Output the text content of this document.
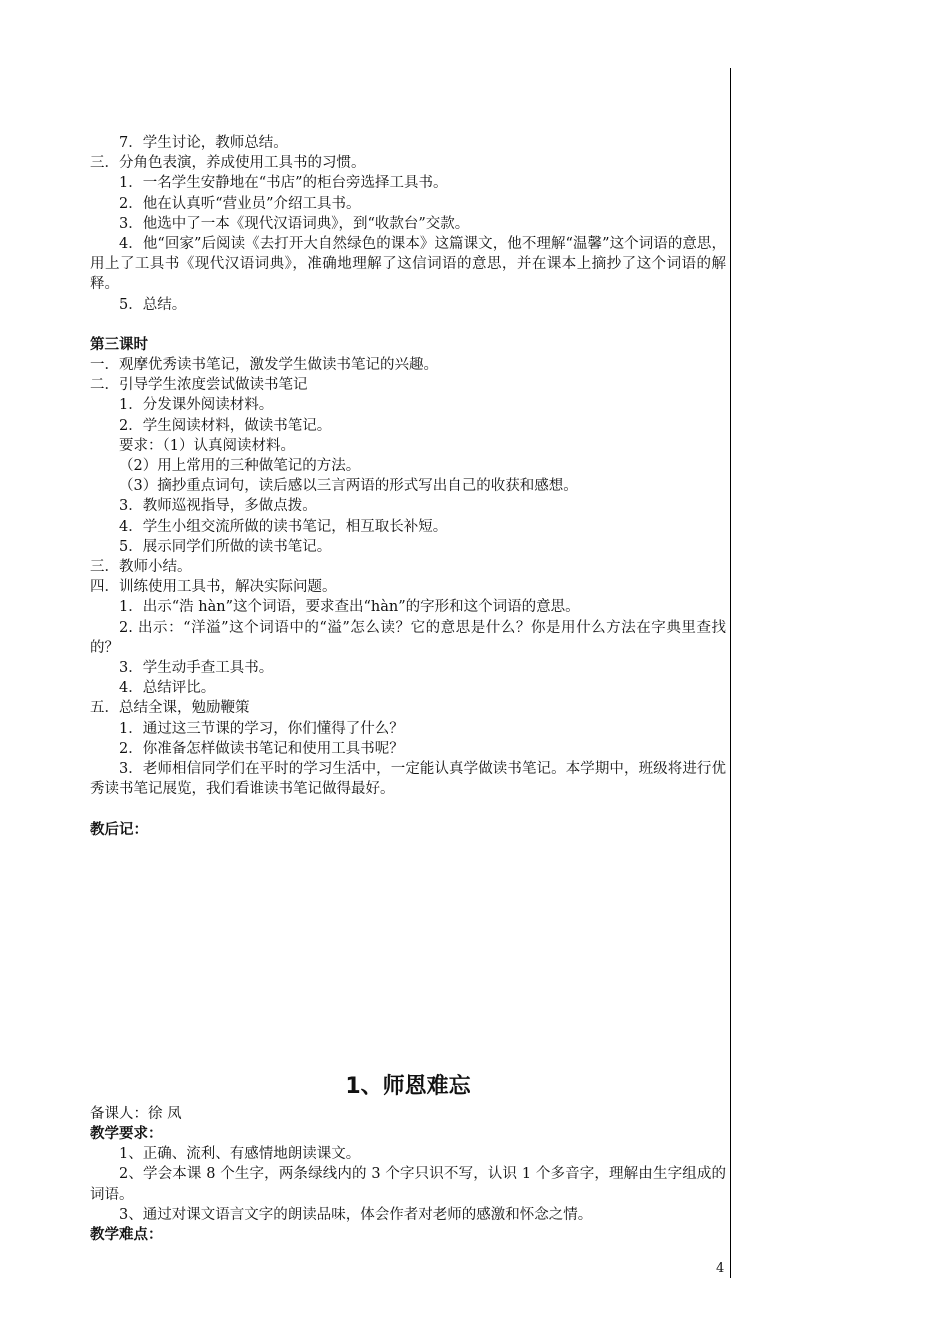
7．学生讨论，教师总结。

三．分角色表演，养成使用工具书的习惯。

1．一名学生安静地在“书店”的柜台旁选择工具书。

2．他在认真听“营业员”介绍工具书。

3．他选中了一本《现代汉语词典》，到“收款台”交款。

4．他“回家”后阅读《去打开大自然绿色的课本》这篇课文，他不理解“温馨”这个词语的意思，用上了工具书《现代汉语词典》，准确地理解了这信词语的意思，并在课本上摘抄了这个词语的解释。

5．总结。

第三课时

一．观摩优秀读书笔记，激发学生做读书笔记的兴趣。

二．引导学生浓度尝试做读书笔记

1．分发课外阅读材料。

2．学生阅读材料，做读书笔记。

要求：（1）认真阅读材料。

（2）用上常用的三种做笔记的方法。

（3）摘抄重点词句，读后感以三言两语的形式写出自己的收获和感想。

3．教师巡视指导，多做点拨。

4．学生小组交流所做的读书笔记，相互取长补短。

5．展示同学们所做的读书笔记。

三．教师小结。

四．训练使用工具书，解决实际问题。

1．出示“浩 hàn”这个词语，要求查出“hàn”的字形和这个词语的意思。

2. 出示：“洋溢”这个词语中的“溢”怎么读？它的意思是什么？你是用什么方法在字典里查找的？

3．学生动手查工具书。

4．总结评比。

五．总结全课，勉励鞭策

1．通过这三节课的学习，你们懂得了什么？

2．你准备怎样做读书笔记和使用工具书呢？

3．老师相信同学们在平时的学习生活中，一定能认真学做读书笔记。本学期中，班级将进行优秀读书笔记展览，我们看谁读书笔记做得最好。

教后记：

1、师恩难忘

备课人：徐 凤

教学要求：

1、正确、流利、有感情地朗读课文。

2、学会本课 8 个生字，两条绿线内的 3 个字只识不写，认识 1 个多音字，理解由生字组成的词语。

3、通过对课文语言文字的朗读品味，体会作者对老师的感激和怀念之情。

教学难点：

4
